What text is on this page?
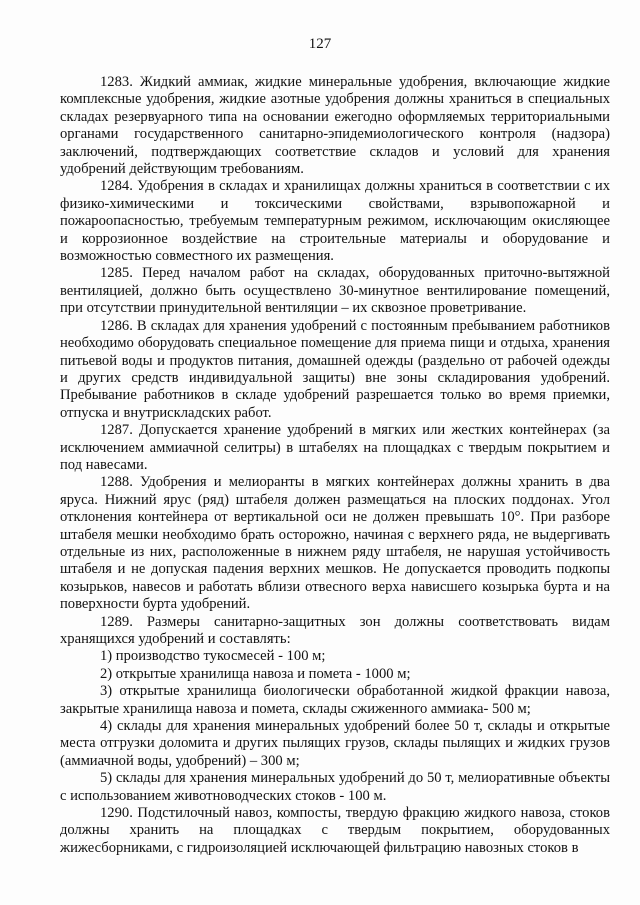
127

1283. Жидкий аммиак, жидкие минеральные удобрения, включающие жидкие комплексные удобрения, жидкие азотные удобрения должны храниться в специальных складах резервуарного типа на основании ежегодно оформляемых территориальными органами государственного санитарно-эпидемиологического контроля (надзора) заключений, подтверждающих соответствие складов и условий для хранения удобрений действующим требованиям.

1284. Удобрения в складах и хранилищах должны храниться в соответствии с их физико-химическими и токсическими свойствами, взрывопожарной и пожароопасностью, требуемым температурным режимом, исключающим окисляющее и коррозионное воздействие на строительные материалы и оборудование и возможностью совместного их размещения.

1285. Перед началом работ на складах, оборудованных приточно-вытяжной вентиляцией, должно быть осуществлено 30-минутное вентилирование помещений, при отсутствии принудительной вентиляции – их сквозное проветривание.

1286. В складах для хранения удобрений с постоянным пребыванием работников необходимо оборудовать специальное помещение для приема пищи и отдыха, хранения питьевой воды и продуктов питания, домашней одежды (раздельно от рабочей одежды и других средств индивидуальной защиты) вне зоны складирования удобрений. Пребывание работников в складе удобрений разрешается только во время приемки, отпуска и внутрискладских работ.

1287. Допускается хранение удобрений в мягких или жестких контейнерах (за исключением аммиачной селитры) в штабелях на площадках с твердым покрытием и под навесами.

1288. Удобрения и мелиоранты в мягких контейнерах должны хранить в два яруса. Нижний ярус (ряд) штабеля должен размещаться на плоских поддонах. Угол отклонения контейнера от вертикальной оси не должен превышать 10°. При разборе штабеля мешки необходимо брать осторожно, начиная с верхнего ряда, не выдергивать отдельные из них, расположенные в нижнем ряду штабеля, не нарушая устойчивость штабеля и не допуская падения верхних мешков. Не допускается проводить подкопы козырьков, навесов и работать вблизи отвесного верха нависшего козырька бурта и на поверхности бурта удобрений.

1289. Размеры санитарно-защитных зон должны соответствовать видам хранящихся удобрений и составлять:

1) производство тукосмесей - 100 м;

2) открытые хранилища навоза и помета - 1000 м;

3) открытые хранилища биологически обработанной жидкой фракции навоза, закрытые хранилища навоза и помета, склады сжиженного аммиака- 500 м;

4) склады для хранения минеральных удобрений более 50 т, склады и открытые места отгрузки доломита и других пылящих грузов, склады пылящих и жидких грузов (аммиачной воды, удобрений) – 300 м;

5) склады для хранения минеральных удобрений до 50 т, мелиоративные объекты с использованием животноводческих стоков - 100 м.

1290. Подстилочный навоз, компосты, твердую фракцию жидкого навоза, стоков должны хранить на площадках с твердым покрытием, оборудованных жижесборниками, с гидроизоляцией исключающей фильтрацию навозных стоков в
